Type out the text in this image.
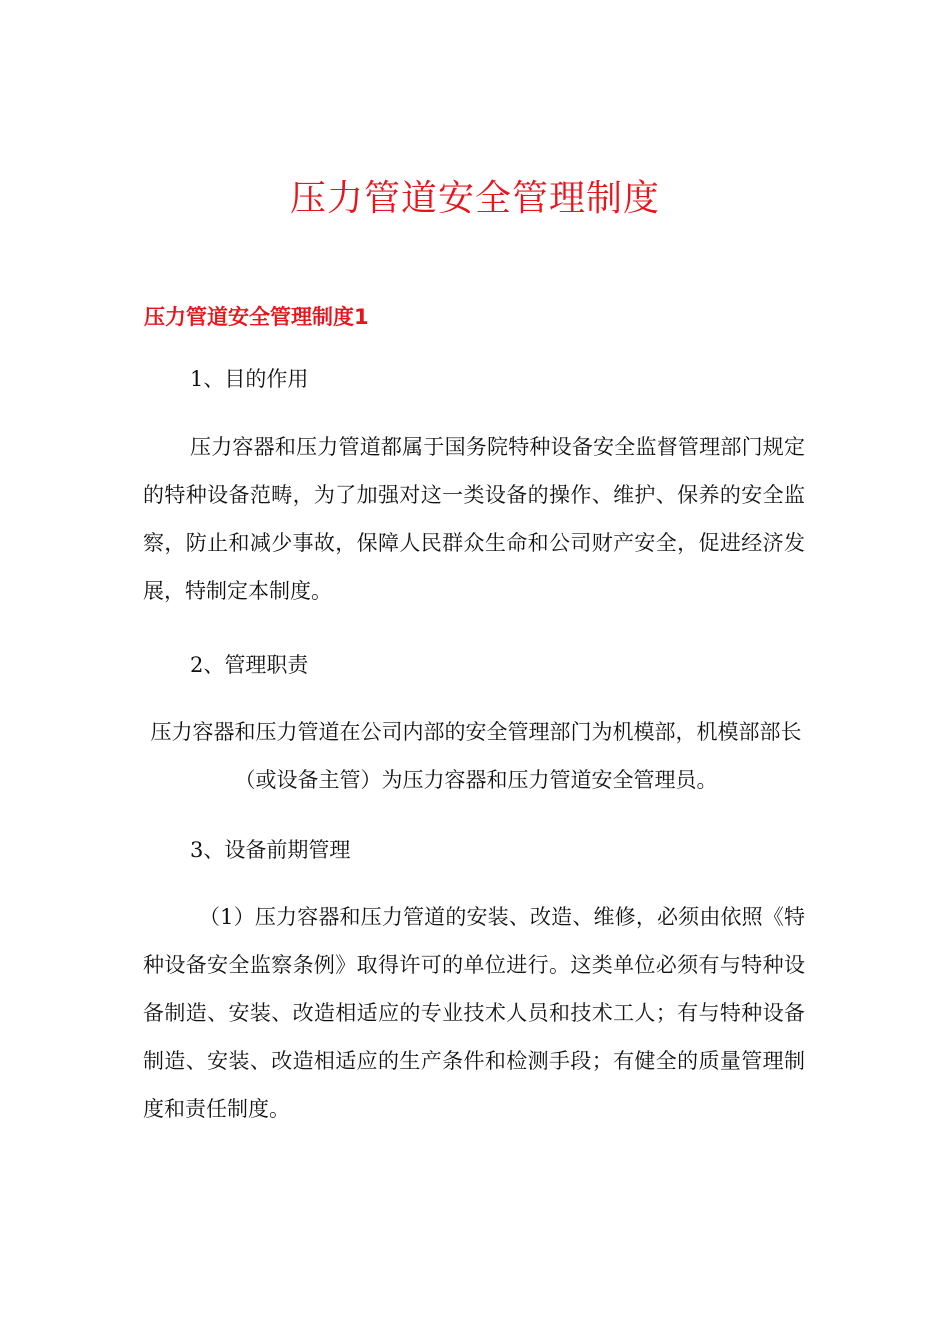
压力管道安全管理制度
压力管道安全管理制度1

1、目的作用

压力容器和压力管道都属于国务院特种设备安全监督管理部门规定的特种设备范畴，为了加强对这一类设备的操作、维护、保养的安全监察，防止和减少事故，保障人民群众生命和公司财产安全，促进经济发展，特制定本制度。

2、管理职责

压力容器和压力管道在公司内部的安全管理部门为机模部，机模部部长（或设备主管）为压力容器和压力管道安全管理员。

3、设备前期管理

（1）压力容器和压力管道的安装、改造、维修，必须由依照《特种设备安全监察条例》取得许可的单位进行。这类单位必须有与特种设备制造、安装、改造相适应的专业技术人员和技术工人；有与特种设备制造、安装、改造相适应的生产条件和检测手段；有健全的质量管理制度和责任制度。
